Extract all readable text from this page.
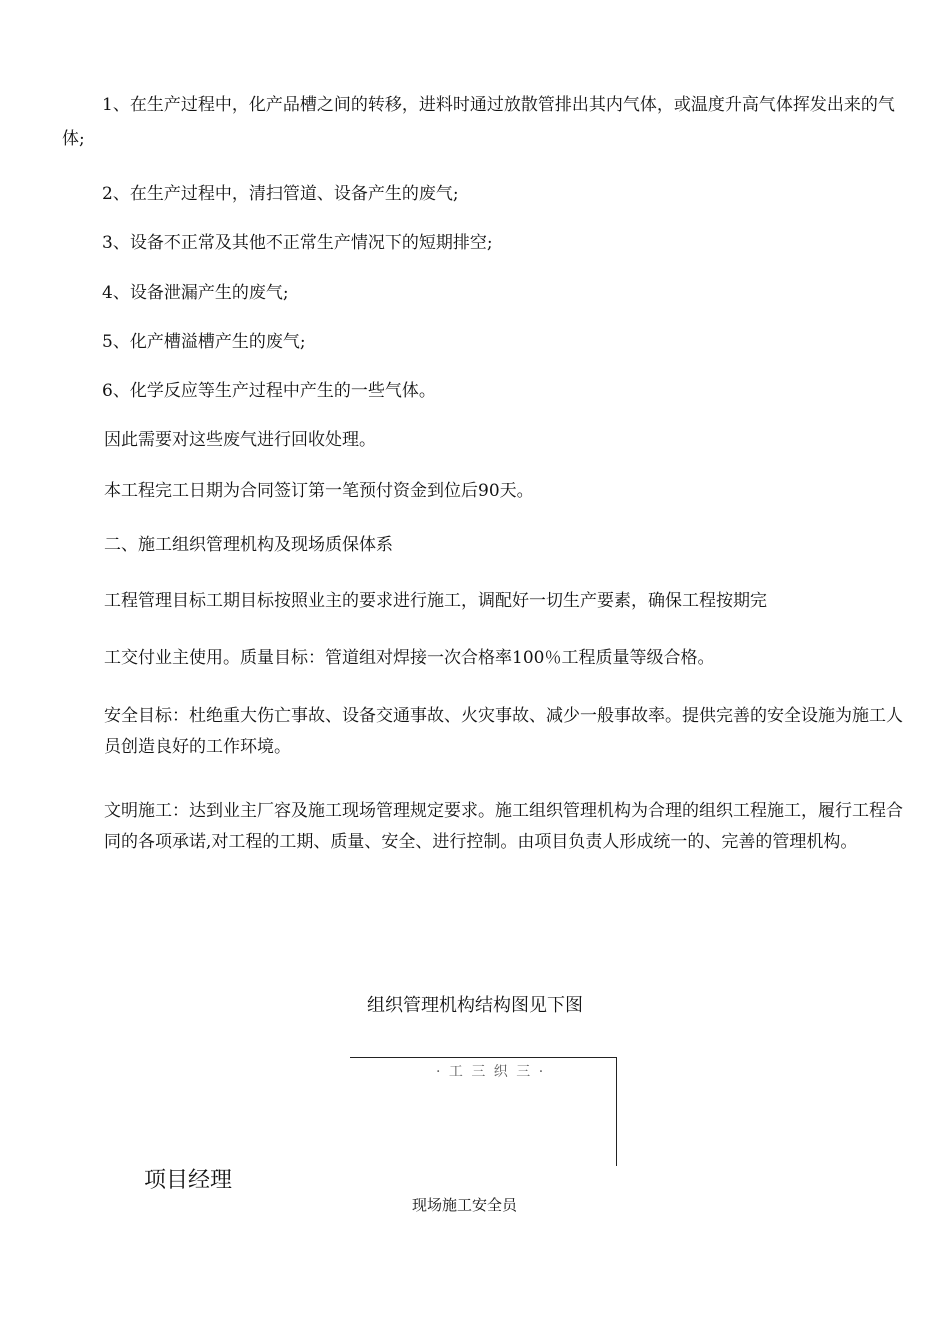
1、在生产过程中，化产品槽之间的转移，进料时通过放散管排出其内气体，或温度升高气体挥发出来的气体;

2、在生产过程中，清扫管道、设备产生的废气;

3、设备不正常及其他不正常生产情况下的短期排空;

4、设备泄漏产生的废气;

5、化产槽溢槽产生的废气;

6、化学反应等生产过程中产生的一些气体。

因此需要对这些废气进行回收处理。

本工程完工日期为合同签订第一笔预付资金到位后90天。

二、施工组织管理机构及现场质保体系

工程管理目标工期目标按照业主的要求进行施工，调配好一切生产要素，确保工程按期完

工交付业主使用。质量目标：管道组对焊接一次合格率100％工程质量等级合格。

安全目标：杜绝重大伤亡事故、设备交通事故、火灾事故、减少一般事故率。提供完善的安全设施为施工人员创造良好的工作环境。

文明施工：达到业主厂容及施工现场管理规定要求。施工组织管理机构为合理的组织工程施工，履行工程合同的各项承诺,对工程的工期、质量、安全、进行控制。由项目负责人形成统一的、完善的管理机构。

组织管理机构结构图见下图
· 工 三 织 三 ·
项目经理
现场施工安全员
